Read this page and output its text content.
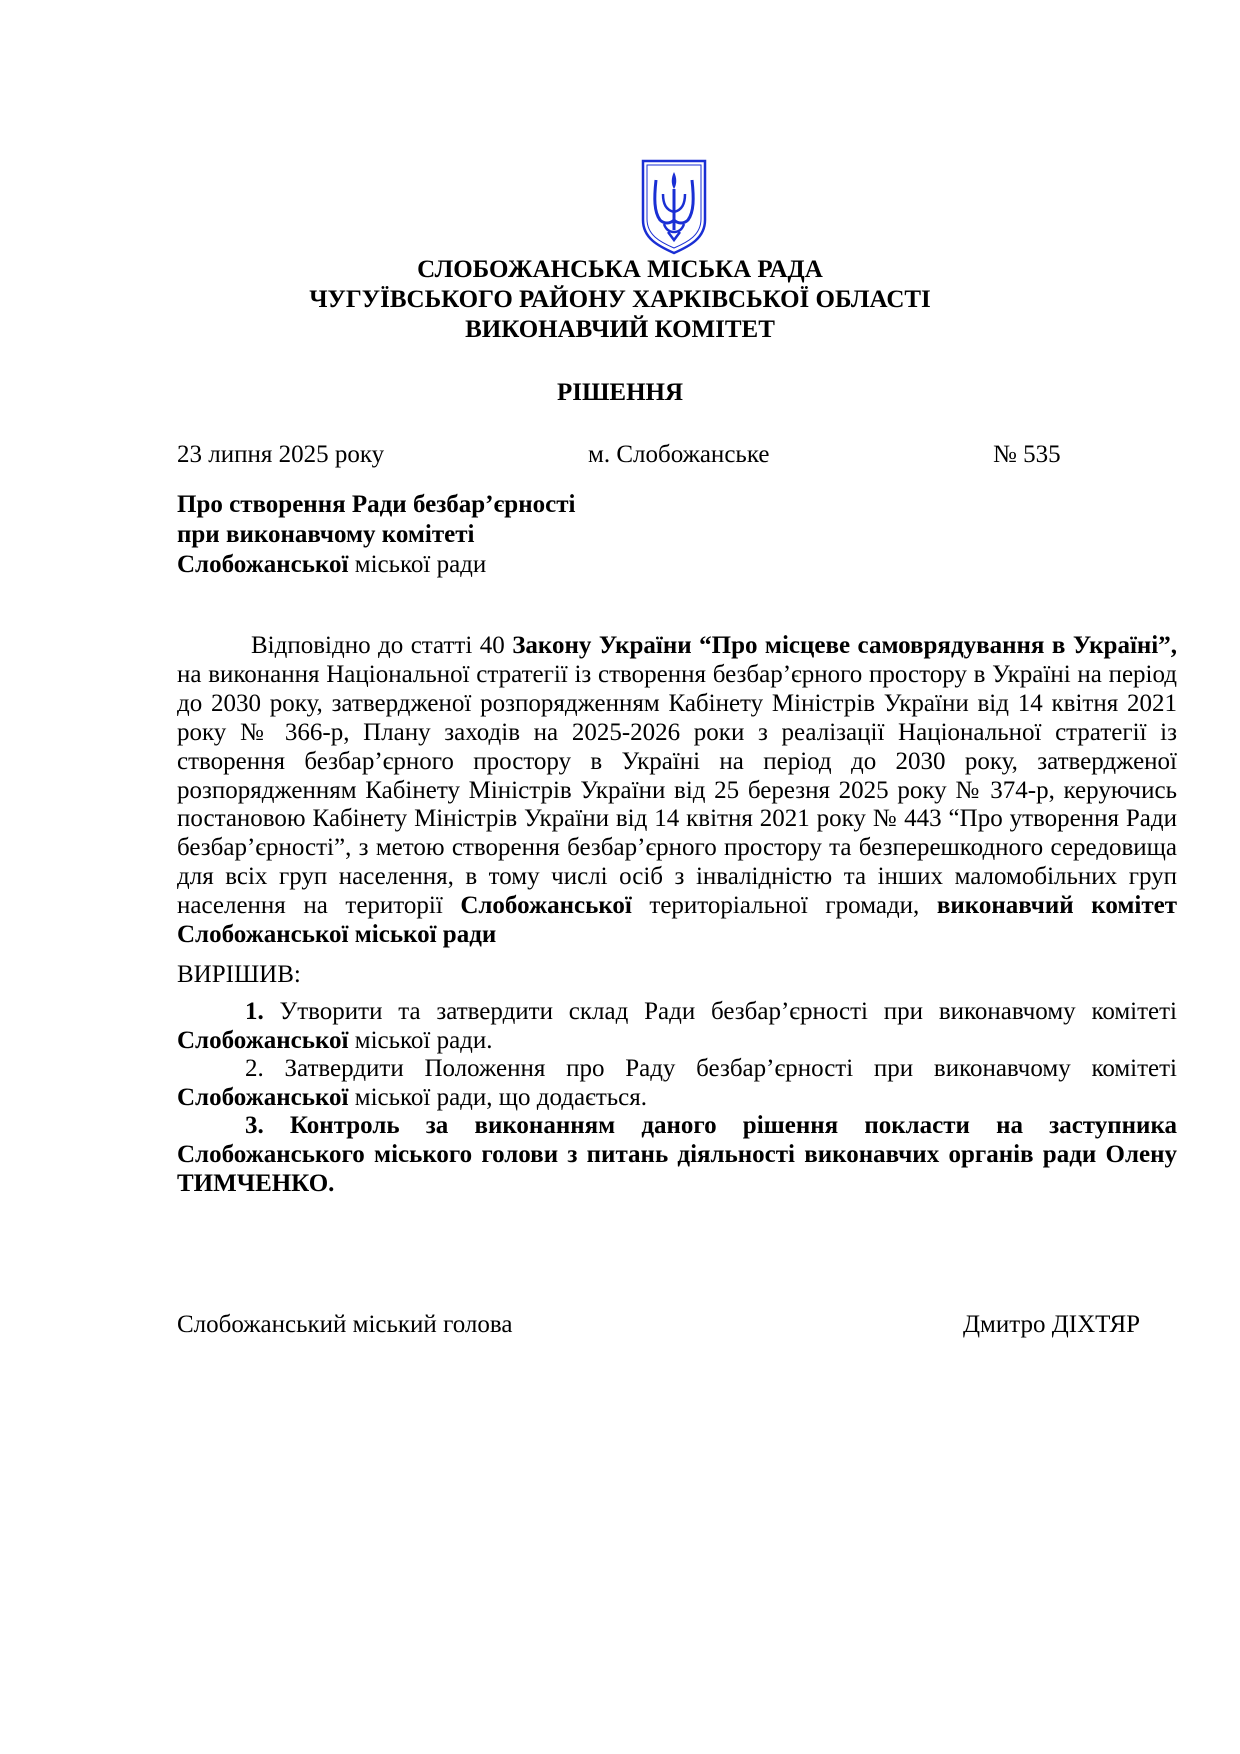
СЛОБОЖАНСЬКА МІСЬКА РАДА
ЧУГУЇВСЬКОГО РАЙОНУ ХАРКІВСЬКОЇ ОБЛАСТІ
ВИКОНАВЧИЙ КОМІТЕТ
РІШЕННЯ
23 липня 2025 року	м. Слобожанське	№ 535
Про створення Ради безбар’єрності
при виконавчому комітеті
Слобожанської міської ради

Відповідно до статті 40 Закону України “Про місцеве самоврядування в Україні”, на виконання Національної стратегії із створення безбар’єрного простору в Україні на період до 2030 року, затвердженої розпорядженням Кабінету Міністрів України від 14 квітня 2021 року № 366-р, Плану заходів на 2025-2026 роки з реалізації Національної стратегії із створення безбар’єрного простору в Україні на період до 2030 року, затвердженої розпорядженням Кабінету Міністрів України від 25 березня 2025 року № 374-р, керуючись постановою Кабінету Міністрів України від 14 квітня 2021 року № 443 “Про утворення Ради безбар’єрності”, з метою створення безбар’єрного простору та безперешкодного середовища для всіх груп населення, в тому числі осіб з інвалідністю та інших маломобільних груп населення на території Слобожанської територіальної громади, виконавчий комітет Слобожанської міської ради

ВИРІШИВ:

1. Утворити та затвердити склад Ради безбар’єрності при виконавчому комітеті Слобожанської міської ради.

2. Затвердити Положення про Раду безбар’єрності при виконавчому комітеті Слобожанської міської ради, що додається.

3. Контроль за виконанням даного рішення покласти на заступника Слобожанського міського голови з питань діяльності виконавчих органів ради Олену ТИМЧЕНКО.

Слобожанський міський голова	Дмитро ДІХТЯР
